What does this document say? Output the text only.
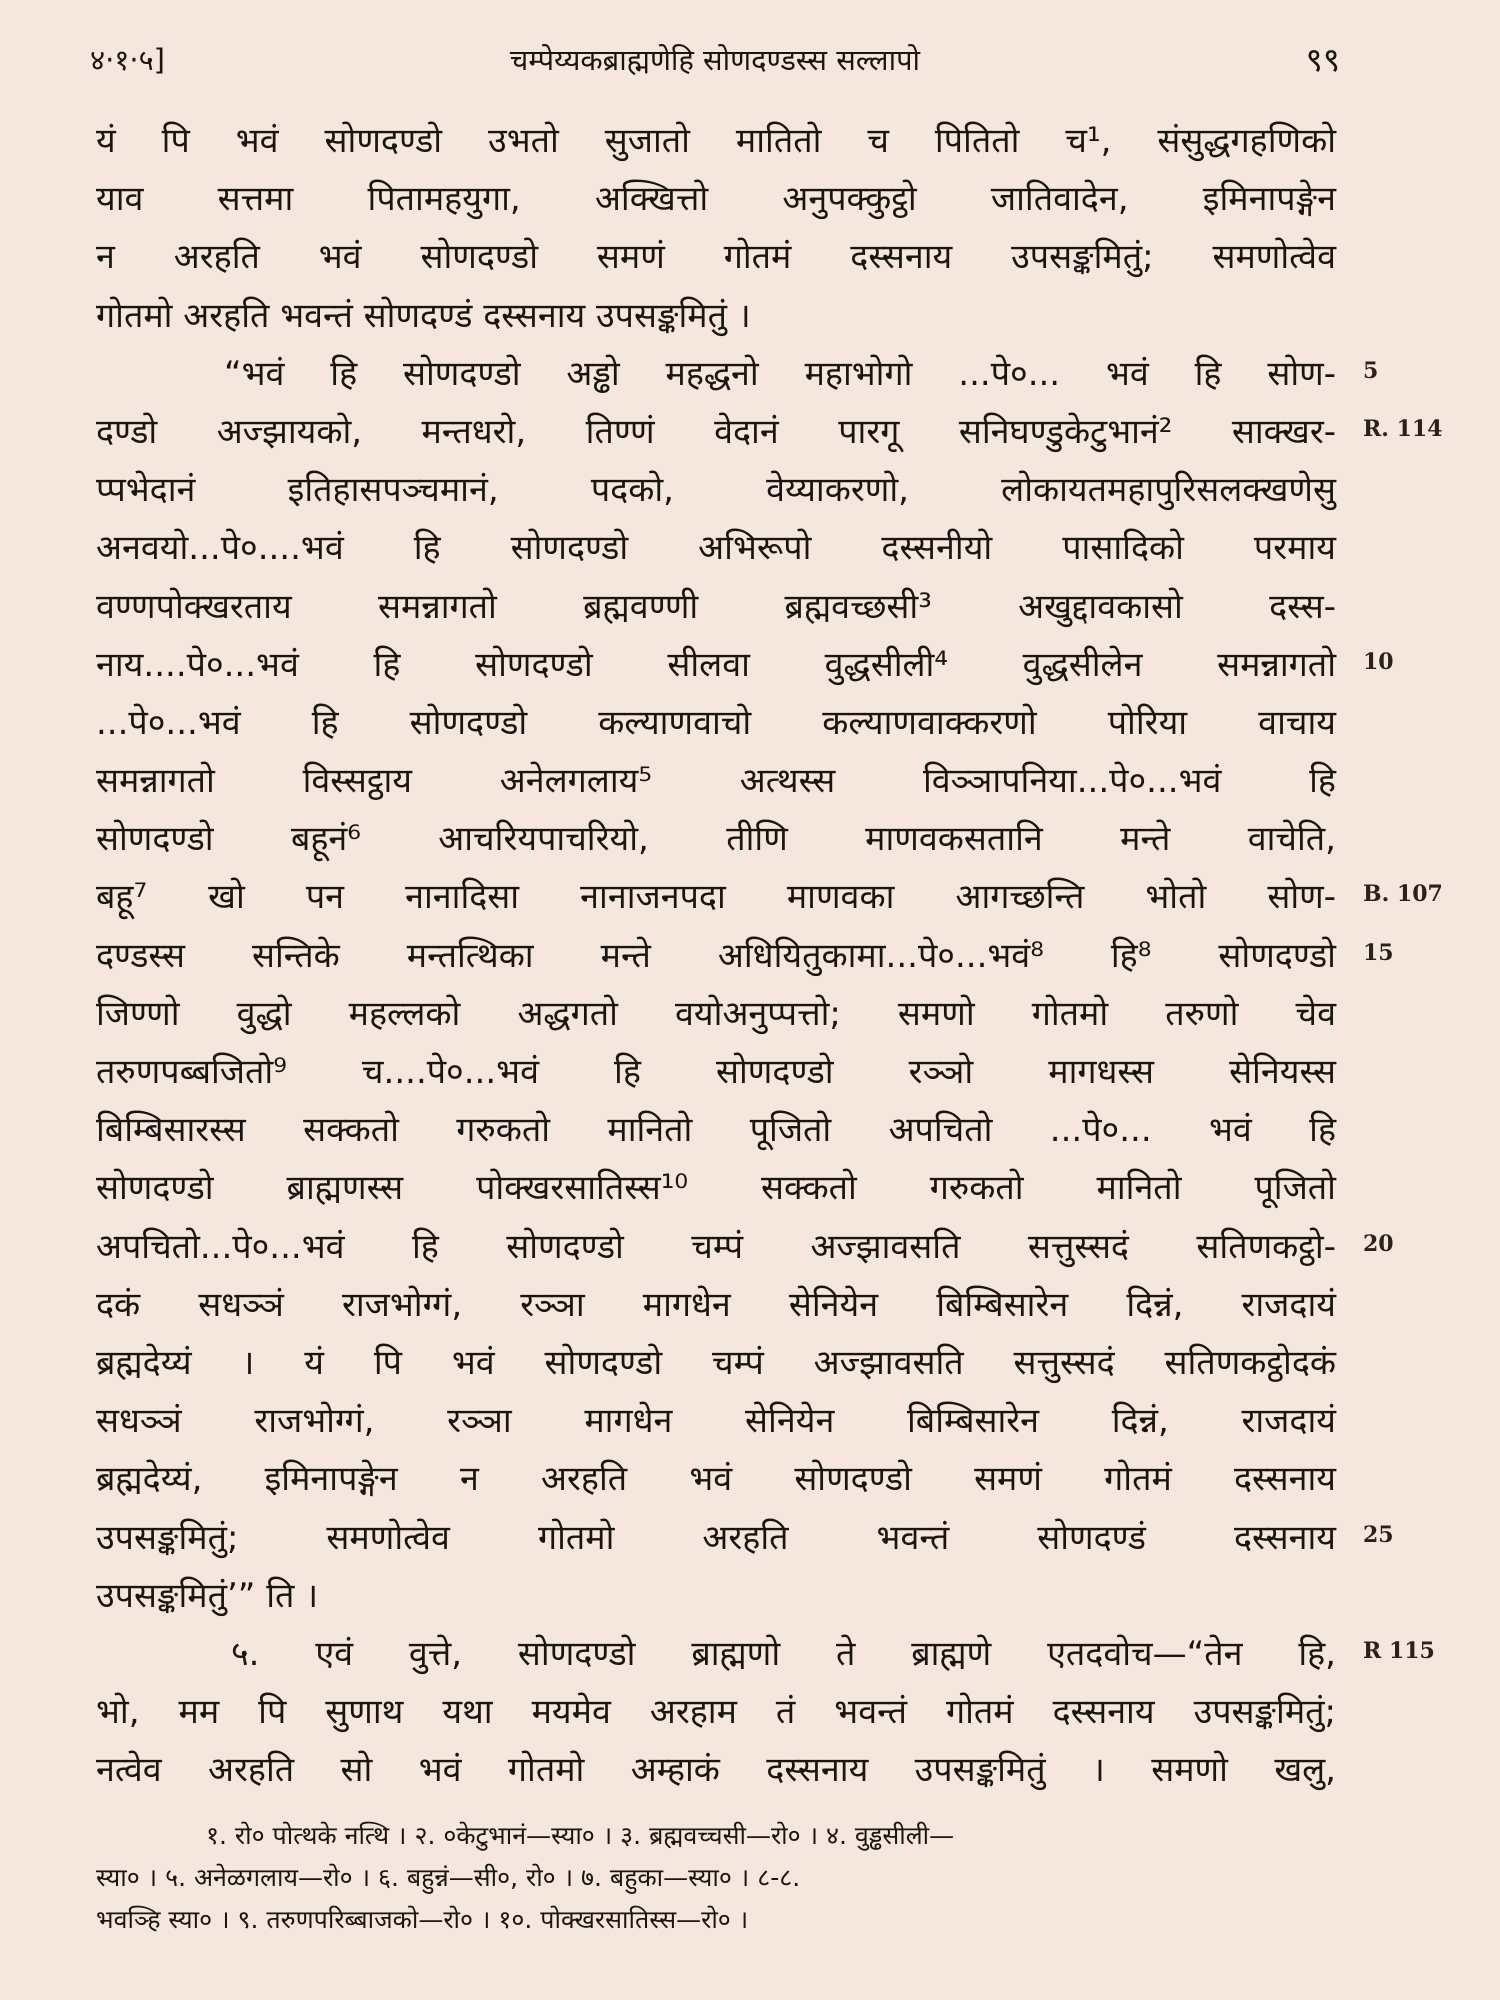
४·१·५]	चम्पेय्यकब्राह्मणेहि सोणदण्डस्स सल्लापो	९९
यं पि भवं सोणदण्डो उभतो सुजातो मातितो च पितितो च¹, संसुद्धगहणिको
याव सत्तमा पितामहयुगा, अक्खित्तो अनुपक्कुट्ठो जातिवादेन, इमिनापङ्गेन
न अरहति भवं सोणदण्डो समणं गोतमं दस्सनाय उपसङ्कमितुं; समणोत्वेव
गोतमो अरहति भवन्तं सोणदण्डं दस्सनाय उपसङ्कमितुं ।
“भवं हि सोणदण्डो अड्ढो महद्धनो महाभोगो ...पे०... भवं हि सोण- 5
दण्डो अज्झायको, मन्तधरो, तिण्णं वेदानं पारगू सनिघण्डुकेटुभानं² साक्खर- R. 114
प्पभेदानं इतिहासपञ्चमानं, पदको, वेय्याकरणो, लोकायतमहापुरिसलक्खणेसु
अनवयो...पे०....भवं हि सोणदण्डो अभिरूपो दस्सनीयो पासादिको परमाय
वण्णपोक्खरताय समन्नागतो ब्रह्मवण्णी ब्रह्मवच्छसी³ अखुद्दावकासो दस्स-
नाय....पे०...भवं हि सोणदण्डो सीलवा वुद्धसीली⁴ वुद्धसीलेन समन्नागतो 10
...पे०...भवं हि सोणदण्डो कल्याणवाचो कल्याणवाक्करणो पोरिया वाचाय
समन्नागतो विस्सट्ठाय अनेलगलाय⁵ अत्थस्स विञ्ञापनिया...पे०...भवं हि
सोणदण्डो बहूनं⁶ आचरियपाचरियो, तीणि माणवकसतानि मन्ते वाचेति,
बहू⁷ खो पन नानादिसा नानाजनपदा माणवका आगच्छन्ति भोतो सोण- B. 107
दण्डस्स सन्तिके मन्तत्थिका मन्ते अधियितुकामा...पे०...भवं⁸ हि⁸ सोणदण्डो 15
जिण्णो वुद्धो महल्लको अद्धगतो वयोअनुप्पत्तो; समणो गोतमो तरुणो चेव
तरुणपब्बजितो⁹ च....पे०...भवं हि सोणदण्डो रञ्ञो मागधस्स सेनियस्स
बिम्बिसारस्स सक्कतो गरुकतो मानितो पूजितो अपचितो ...पे०... भवं हि
सोणदण्डो ब्राह्मणस्स पोक्खरसातिस्स¹⁰ सक्कतो गरुकतो मानितो पूजितो
अपचितो...पे०...भवं हि सोणदण्डो चम्पं अज्झावसति सत्तुस्सदं सतिणकट्ठो- 20
दकं सधञ्ञं राजभोग्गं, रञ्ञा मागधेन सेनियेन बिम्बिसारेन दिन्नं, राजदायं
ब्रह्मदेय्यं । यं पि भवं सोणदण्डो चम्पं अज्झावसति सत्तुस्सदं सतिणकट्ठोदकं
सधञ्ञं राजभोग्गं, रञ्ञा मागधेन सेनियेन बिम्बिसारेन दिन्नं, राजदायं
ब्रह्मदेय्यं, इमिनापङ्गेन न अरहति भवं सोणदण्डो समणं गोतमं दस्सनाय
उपसङ्कमितुं; समणोत्वेव गोतमो अरहति भवन्तं सोणदण्डं दस्सनाय 25
उपसङ्कमितुं’” ति ।
५. एवं वुत्ते, सोणदण्डो ब्राह्मणो ते ब्राह्मणे एतदवोच—“तेन हि, R 115
भो, मम पि सुणाथ यथा मयमेव अरहाम तं भवन्तं गोतमं दस्सनाय उपसङ्कमितुं;
नत्वेव अरहति सो भवं गोतमो अम्हाकं दस्सनाय उपसङ्कमितुं । समणो खलु,
१. रो० पोत्थके नत्थि । २. ०केटुभानं—स्या० । ३. ब्रह्मवच्चसी—रो० । ४. वुड्ढसीली—
स्या० । ५. अनेळगलाय—रो० । ६. बहुन्नं—सी०, रो० । ७. बहुका—स्या० । ८-८.
भवञ्हि स्या० । ९. तरुणपरिब्बाजको—रो० । १०. पोक्खरसातिस्स—रो० ।
